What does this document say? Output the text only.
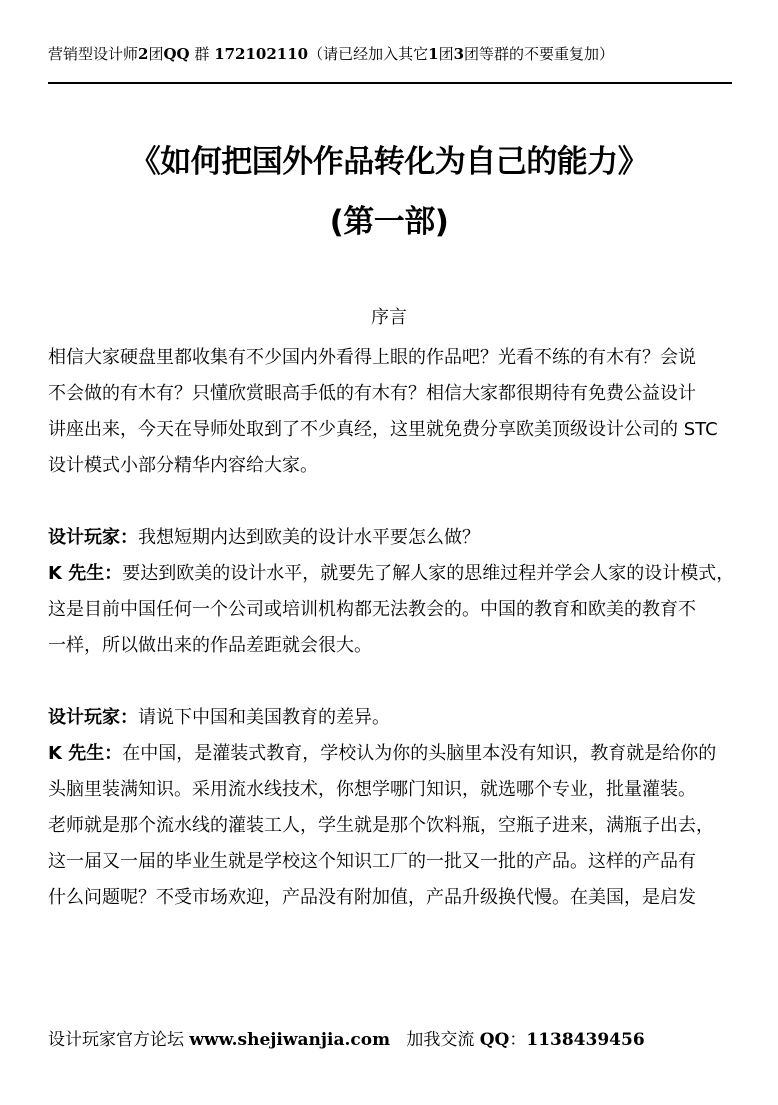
营销型设计师2团QQ 群 172102110（请已经加入其它1团3团等群的不要重复加）
《如何把国外作品转化为自己的能力》
(第一部)
序言

相信大家硬盘里都收集有不少国内外看得上眼的作品吧？光看不练的有木有？会说

不会做的有木有？只懂欣赏眼高手低的有木有？相信大家都很期待有免费公益设计

讲座出来，今天在导师处取到了不少真经，这里就免费分享欧美顶级设计公司的 STC

设计模式小部分精华内容给大家。

设计玩家：我想短期内达到欧美的设计水平要怎么做？

K 先生：要达到欧美的设计水平，就要先了解人家的思维过程并学会人家的设计模式，

这是目前中国任何一个公司或培训机构都无法教会的。中国的教育和欧美的教育不

一样，所以做出来的作品差距就会很大。

设计玩家：请说下中国和美国教育的差异。

K 先生：在中国，是灌装式教育，学校认为你的头脑里本没有知识，教育就是给你的

头脑里装满知识。采用流水线技术，你想学哪门知识，就选哪个专业，批量灌装。

老师就是那个流水线的灌装工人，学生就是那个饮料瓶，空瓶子进来，满瓶子出去，

这一届又一届的毕业生就是学校这个知识工厂的一批又一批的产品。这样的产品有

什么问题呢？不受市场欢迎，产品没有附加值，产品升级换代慢。在美国，是启发

设计玩家官方论坛 www.shejiwanjia.com 加我交流 QQ：1138439456
